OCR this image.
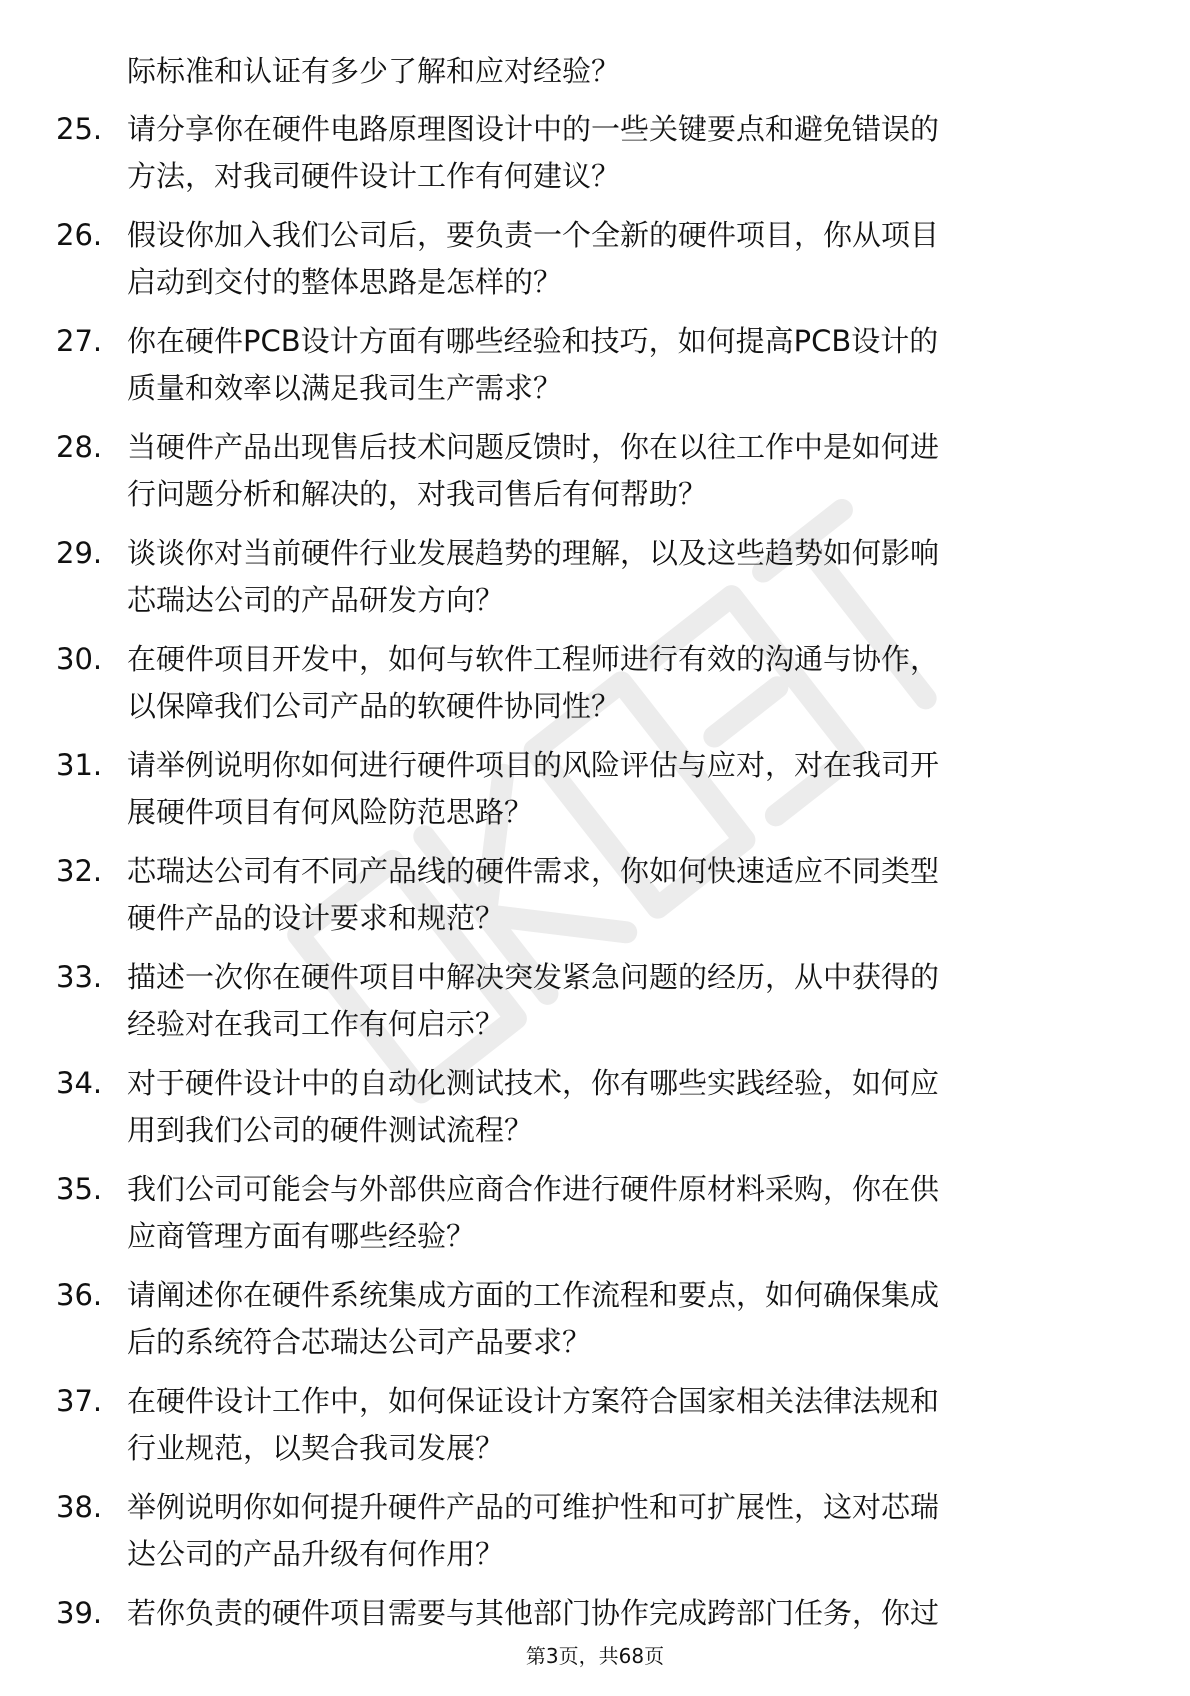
际标准和认证有多少了解和应对经验？
25. 请分享你在硬件电路原理图设计中的一些关键要点和避免错误的
方法，对我司硬件设计工作有何建议？
26. 假设你加入我们公司后，要负责一个全新的硬件项目，你从项目
启动到交付的整体思路是怎样的？
27. 你在硬件PCB设计方面有哪些经验和技巧，如何提高PCB设计的
质量和效率以满足我司生产需求？
28. 当硬件产品出现售后技术问题反馈时，你在以往工作中是如何进
行问题分析和解决的，对我司售后有何帮助？
29. 谈谈你对当前硬件行业发展趋势的理解，以及这些趋势如何影响
芯瑞达公司的产品研发方向？
30. 在硬件项目开发中，如何与软件工程师进行有效的沟通与协作，
以保障我们公司产品的软硬件协同性？
31. 请举例说明你如何进行硬件项目的风险评估与应对，对在我司开
展硬件项目有何风险防范思路？
32. 芯瑞达公司有不同产品线的硬件需求，你如何快速适应不同类型
硬件产品的设计要求和规范？
33. 描述一次你在硬件项目中解决突发紧急问题的经历，从中获得的
经验对在我司工作有何启示？
34. 对于硬件设计中的自动化测试技术，你有哪些实践经验，如何应
用到我们公司的硬件测试流程？
35. 我们公司可能会与外部供应商合作进行硬件原材料采购，你在供
应商管理方面有哪些经验？
36. 请阐述你在硬件系统集成方面的工作流程和要点，如何确保集成
后的系统符合芯瑞达公司产品要求？
37. 在硬件设计工作中，如何保证设计方案符合国家相关法律法规和
行业规范，以契合我司发展？
38. 举例说明你如何提升硬件产品的可维护性和可扩展性，这对芯瑞
达公司的产品升级有何作用？
39. 若你负责的硬件项目需要与其他部门协作完成跨部门任务，你过
第3页，共68页
